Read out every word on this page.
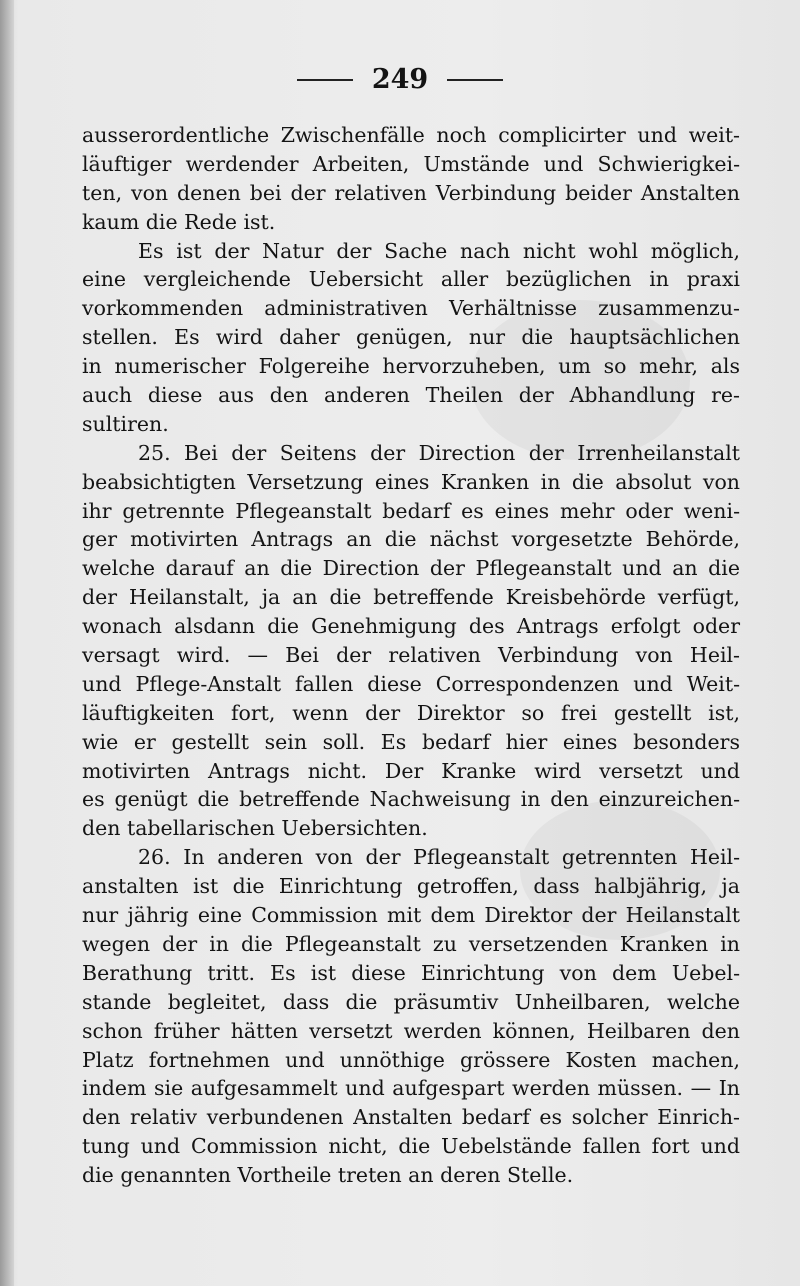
249
ausserordentliche Zwischenfälle noch complicirter und weit-
läuftiger werdender Arbeiten, Umstände und Schwierigkei-
ten, von denen bei der relativen Verbindung beider Anstalten
kaum die Rede ist.
Es ist der Natur der Sache nach nicht wohl möglich,
eine vergleichende Uebersicht aller bezüglichen in praxi
vorkommenden administrativen Verhältnisse zusammenzu-
stellen. Es wird daher genügen, nur die hauptsächlichen
in numerischer Folgereihe hervorzuheben, um so mehr, als
auch diese aus den anderen Theilen der Abhandlung re-
sultiren.
25. Bei der Seitens der Direction der Irrenheilanstalt
beabsichtigten Versetzung eines Kranken in die absolut von
ihr getrennte Pflegeanstalt bedarf es eines mehr oder weni-
ger motivirten Antrags an die nächst vorgesetzte Behörde,
welche darauf an die Direction der Pflegeanstalt und an die
der Heilanstalt, ja an die betreffende Kreisbehörde verfügt,
wonach alsdann die Genehmigung des Antrags erfolgt oder
versagt wird. — Bei der relativen Verbindung von Heil-
und Pflege-Anstalt fallen diese Correspondenzen und Weit-
läuftigkeiten fort, wenn der Direktor so frei gestellt ist,
wie er gestellt sein soll. Es bedarf hier eines besonders
motivirten Antrags nicht. Der Kranke wird versetzt und
es genügt die betreffende Nachweisung in den einzureichen-
den tabellarischen Uebersichten.
26. In anderen von der Pflegeanstalt getrennten Heil-
anstalten ist die Einrichtung getroffen, dass halbjährig, ja
nur jährig eine Commission mit dem Direktor der Heilanstalt
wegen der in die Pflegeanstalt zu versetzenden Kranken in
Berathung tritt. Es ist diese Einrichtung von dem Uebel-
stande begleitet, dass die präsumtiv Unheilbaren, welche
schon früher hätten versetzt werden können, Heilbaren den
Platz fortnehmen und unnöthige grössere Kosten machen,
indem sie aufgesammelt und aufgespart werden müssen. — In
den relativ verbundenen Anstalten bedarf es solcher Einrich-
tung und Commission nicht, die Uebelstände fallen fort und
die genannten Vortheile treten an deren Stelle.
